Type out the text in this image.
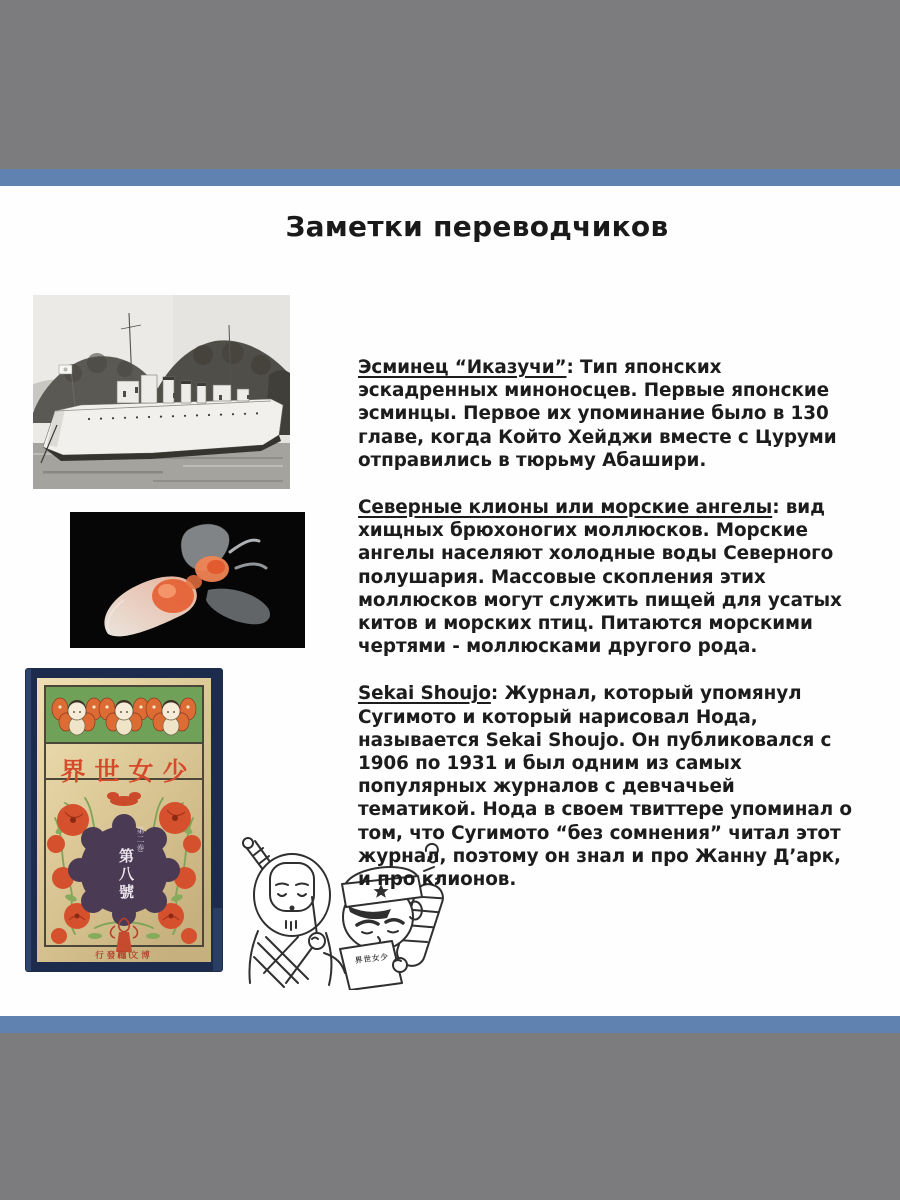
Заметки переводчиков
界世女少
第二巻
第八號
行發館文博	界世女少

Эсминец “Иказучи”: Тип японских эскадренных миноносцев. Первые японские эсминцы. Первое их упоминание было в 130 главе, когда Който Хейджи вместе с Цуруми отправились в тюрьму Абашири.

Северные клионы или морские ангелы: вид хищных брюхоногих моллюсков. Морские ангелы населяют холодные воды Северного полушария. Массовые скопления этих моллюсков могут служить пищей для усатых китов и морских птиц. Питаются морскими чертями - моллюсками другого рода.

Sekai Shoujo: Журнал, который упомянул Сугимото и который нарисовал Нода, называется Sekai Shoujo. Он публиковался с 1906 по 1931 и был одним из самых популярных журналов с девчачьей тематикой. Нода в своем твиттере упоминал о том, что Сугимото “без сомнения” читал этот журнал, поэтому он знал и про Жанну Д’арк, и про клионов.
